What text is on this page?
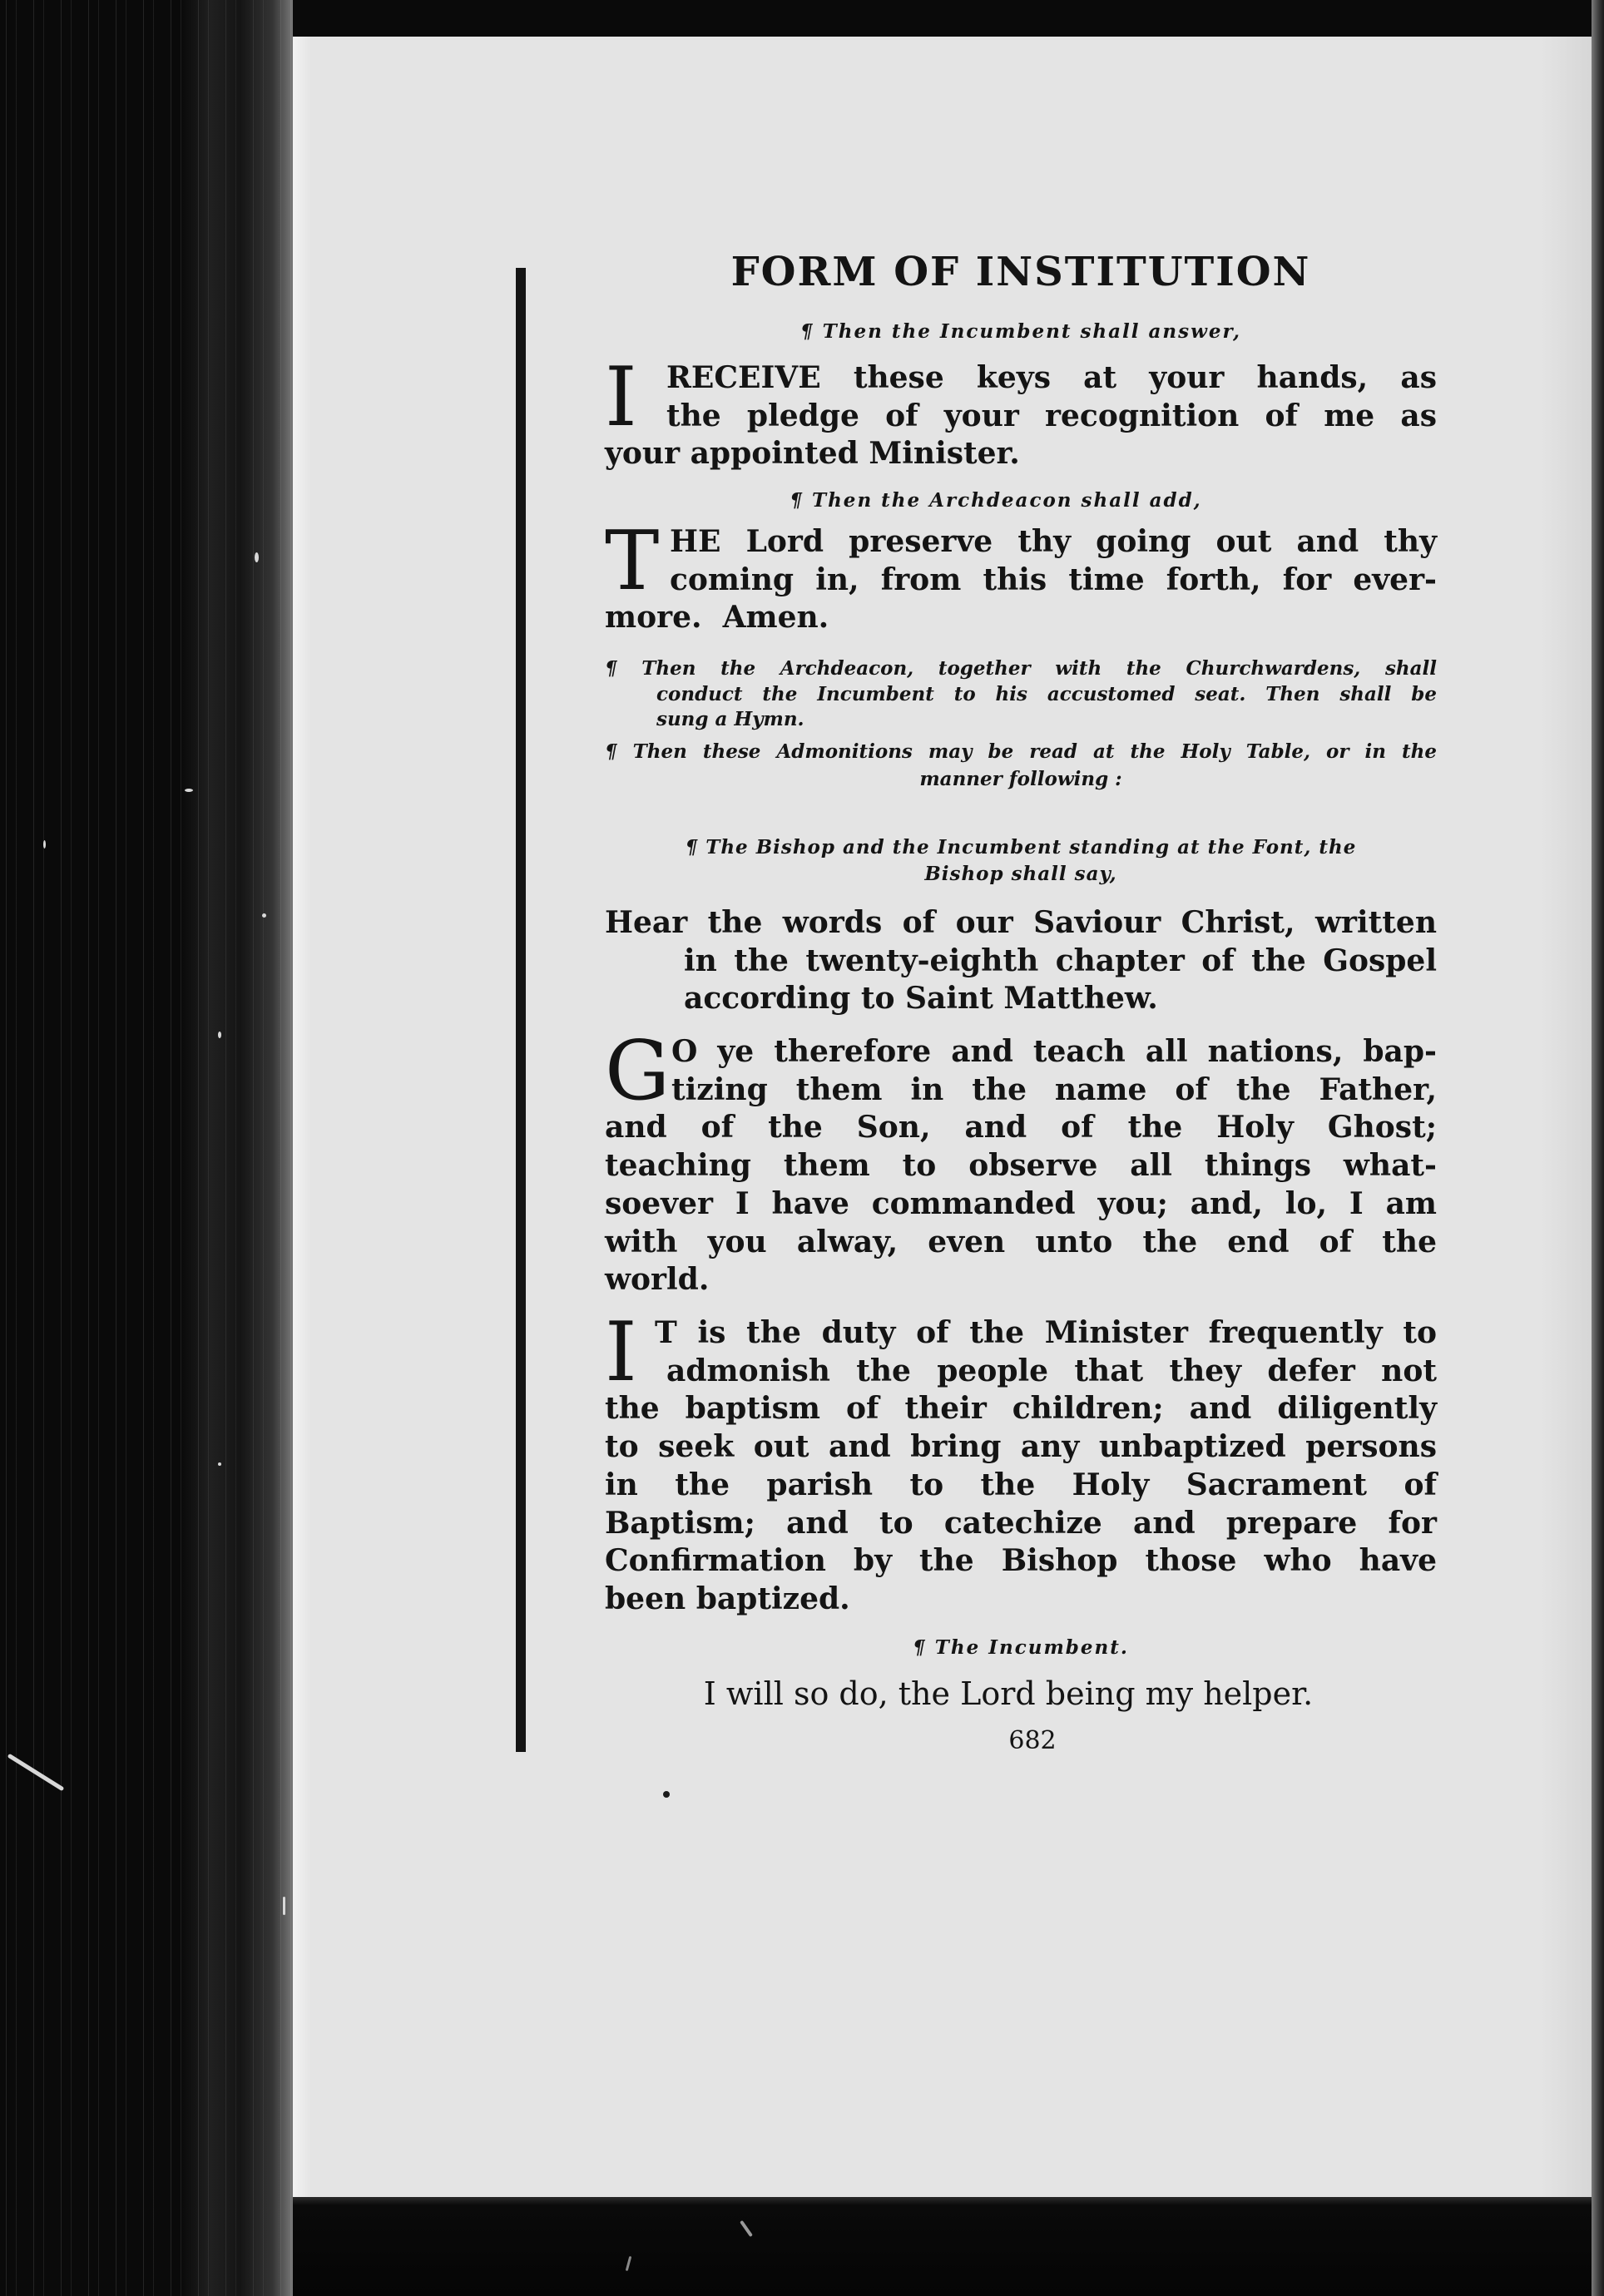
FORM OF INSTITUTION
¶ Then the Incumbent shall answer,
I RECEIVE these keys at your hands, as
the pledge of your recognition of me as
your appointed Minister.
¶ Then the Archdeacon shall add,
T HE Lord preserve thy going out and thy
coming in, from this time forth, for ever-
more.  Amen.
¶ Then the Archdeacon, together with the Churchwardens, shall
conduct the Incumbent to his accustomed seat. Then shall be
sung a Hymn.
¶ Then these Admonitions may be read at the Holy Table, or in the
manner following :
¶ The Bishop and the Incumbent standing at the Font, the
Bishop shall say,
Hear the words of our Saviour Christ, written
in the twenty-eighth chapter of the Gospel
according to Saint Matthew.
G O ye therefore and teach all nations, bap-
tizing them in the name of the Father,
and of the Son, and of the Holy Ghost;
teaching them to observe all things what-
soever I have commanded you; and, lo, I am
with you alway, even unto the end of the
world.
I T is the duty of the Minister frequently to
admonish the people that they defer not
the baptism of their children; and diligently
to seek out and bring any unbaptized persons
in the parish to the Holy Sacrament of
Baptism; and to catechize and prepare for
Confirmation by the Bishop those who have
been baptized.
¶ The Incumbent.
I will so do, the Lord being my helper.
682
